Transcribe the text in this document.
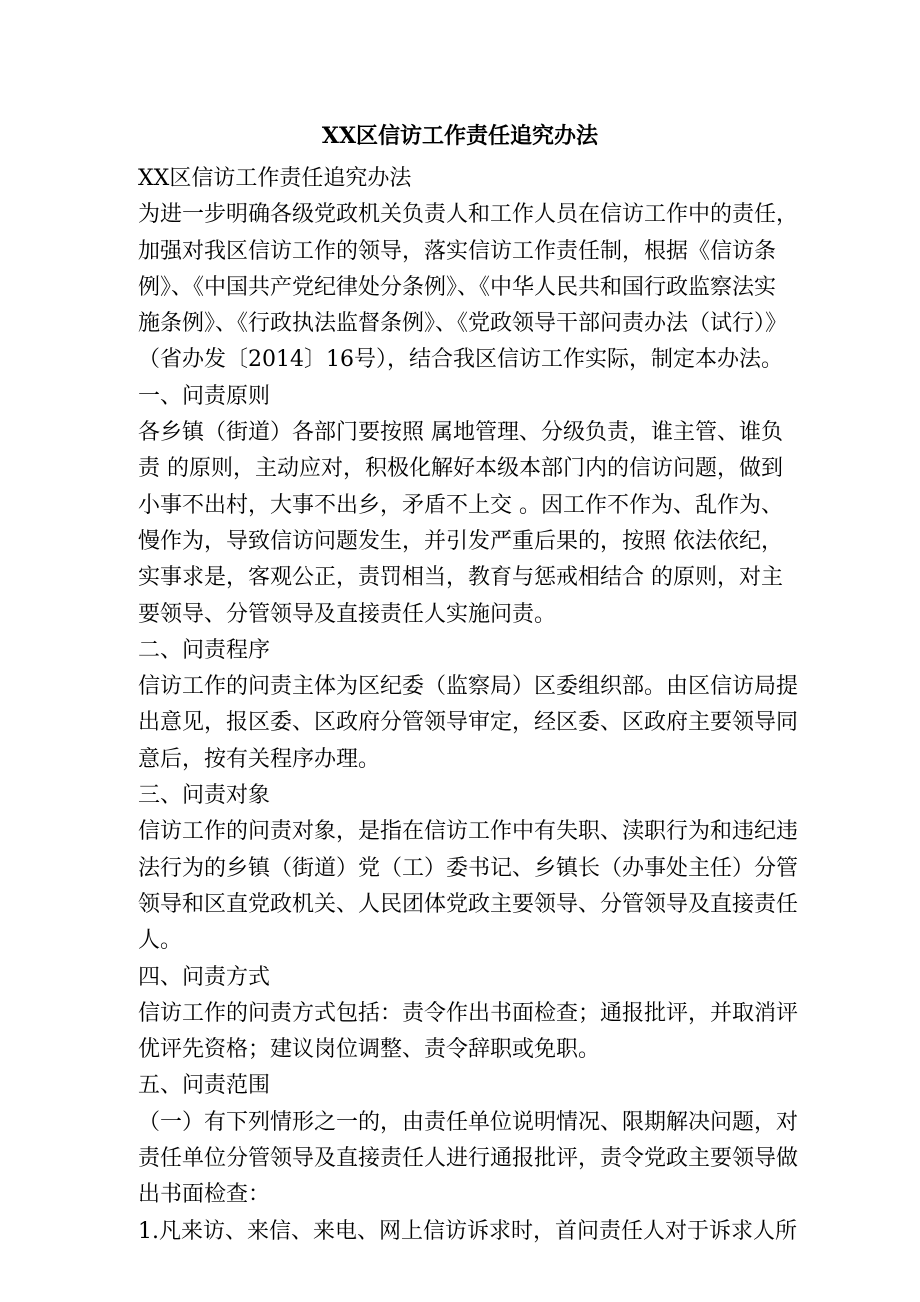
XX区信访工作责任追究办法
XX区信访工作责任追究办法
为进一步明确各级党政机关负责人和工作人员在信访工作中的责任，
加强对我区信访工作的领导，落实信访工作责任制，根据《信访条
例》、《中国共产党纪律处分条例》、《中华人民共和国行政监察法实
施条例》、《行政执法监督条例》、《党政领导干部问责办法（试行）》
（省办发〔2014〕16号），结合我区信访工作实际，制定本办法。
一、问责原则
各乡镇（街道）各部门要按照 属地管理、分级负责，谁主管、谁负
责 的原则，主动应对，积极化解好本级本部门内的信访问题，做到
小事不出村，大事不出乡，矛盾不上交 。因工作不作为、乱作为、
慢作为，导致信访问题发生，并引发严重后果的，按照 依法依纪，
实事求是，客观公正，责罚相当，教育与惩戒相结合 的原则，对主
要领导、分管领导及直接责任人实施问责。
二、问责程序
信访工作的问责主体为区纪委（监察局）区委组织部。由区信访局提
出意见，报区委、区政府分管领导审定，经区委、区政府主要领导同
意后，按有关程序办理。
三、问责对象
信访工作的问责对象，是指在信访工作中有失职、渎职行为和违纪违
法行为的乡镇（街道）党（工）委书记、乡镇长（办事处主任）分管
领导和区直党政机关、人民团体党政主要领导、分管领导及直接责任
人。
四、问责方式
信访工作的问责方式包括：责令作出书面检查；通报批评，并取消评
优评先资格；建议岗位调整、责令辞职或免职。
五、问责范围
（一）有下列情形之一的，由责任单位说明情况、限期解决问题，对
责任单位分管领导及直接责任人进行通报批评，责令党政主要领导做
出书面检查：
1.凡来访、来信、来电、网上信访诉求时，首问责任人对于诉求人所
